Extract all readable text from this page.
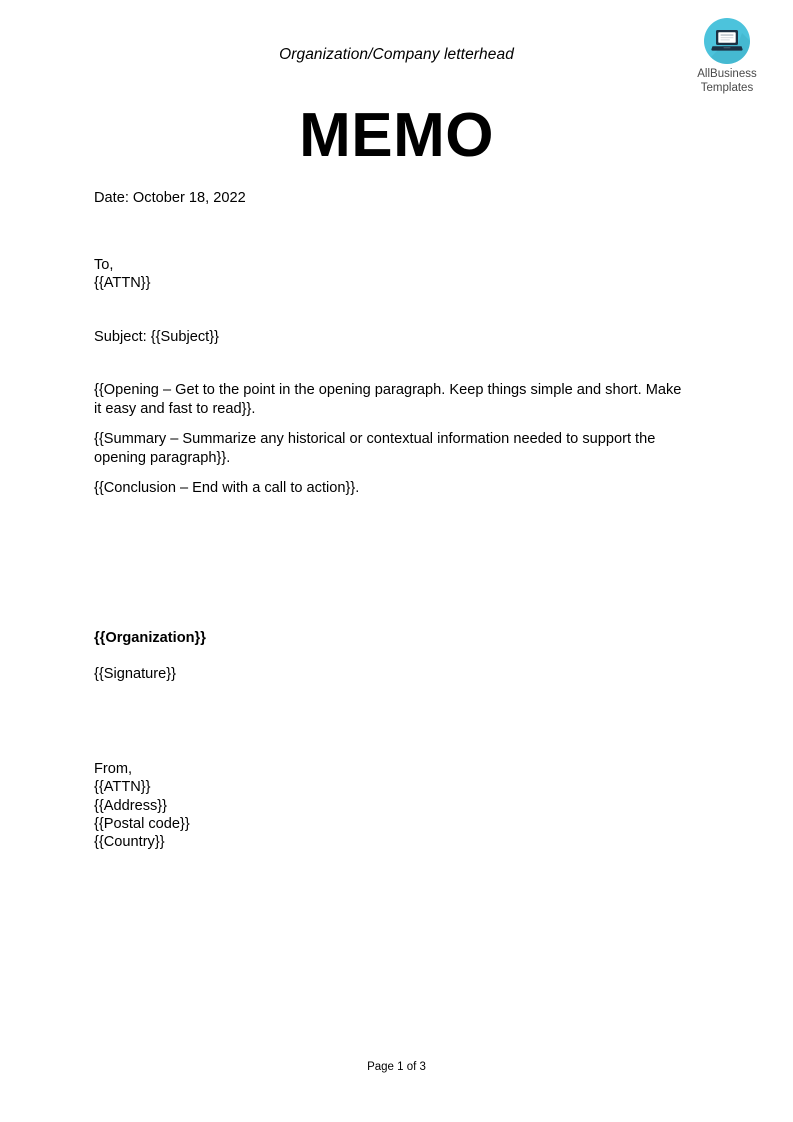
Organization/Company letterhead
AllBusiness
Templates
MEMO
Date: October 18, 2022
To,
{{ATTN}}
Subject: {{Subject}}
{{Opening – Get to the point in the opening paragraph. Keep things simple and short. Make it easy and fast to read}}.
{{Summary – Summarize any historical or contextual information needed to support the opening paragraph}}.
{{Conclusion – End with a call to action}}.
{{Organization}}
{{Signature}}
From,
{{ATTN}}
{{Address}}
{{Postal code}}
{{Country}}
Page 1 of 3
